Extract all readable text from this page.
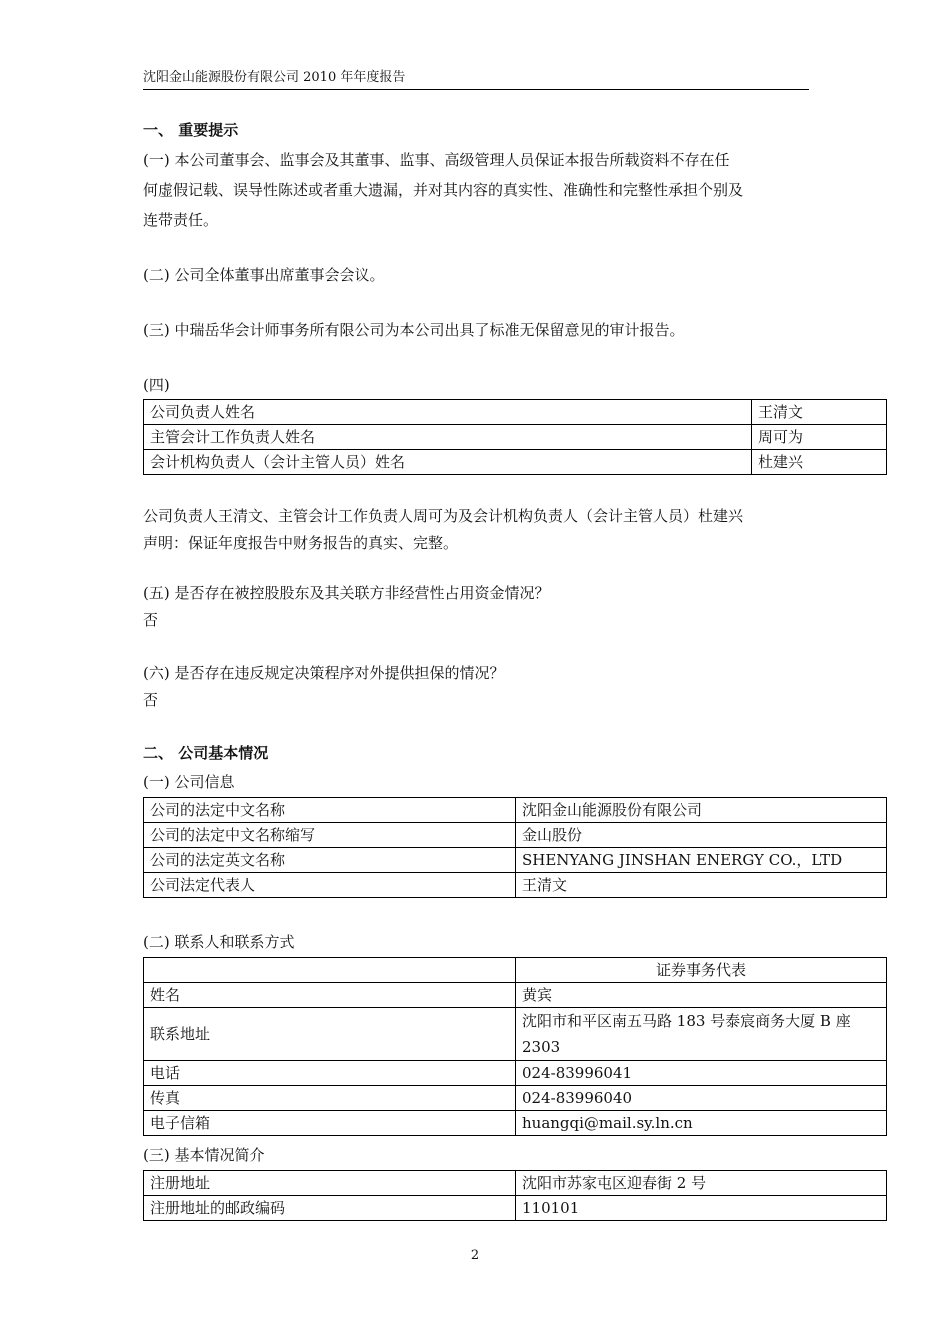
沈阳金山能源股份有限公司 2010 年年度报告
一、 重要提示
(一) 本公司董事会、监事会及其董事、监事、高级管理人员保证本报告所载资料不存在任
何虚假记载、误导性陈述或者重大遗漏，并对其内容的真实性、准确性和完整性承担个别及
连带责任。
(二) 公司全体董事出席董事会会议。
(三) 中瑞岳华会计师事务所有限公司为本公司出具了标准无保留意见的审计报告。
(四)
公司负责人姓名	王清文
主管会计工作负责人姓名	周可为
会计机构负责人（会计主管人员）姓名	杜建兴
公司负责人王清文、主管会计工作负责人周可为及会计机构负责人（会计主管人员）杜建兴
声明：保证年度报告中财务报告的真实、完整。
(五) 是否存在被控股股东及其关联方非经营性占用资金情况？
否
(六) 是否存在违反规定决策程序对外提供担保的情况？
否
二、 公司基本情况
(一) 公司信息
公司的法定中文名称	沈阳金山能源股份有限公司
公司的法定中文名称缩写	金山股份
公司的法定英文名称	SHENYANG JINSHAN ENERGY CO.，LTD
公司法定代表人	王清文
(二) 联系人和联系方式
	证券事务代表
姓名	黄宾
联系地址	沈阳市和平区南五马路 183 号泰宸商务大厦 B 座 2303
电话	024-83996041
传真	024-83996040
电子信箱	huangqi@mail.sy.ln.cn
(三) 基本情况简介
注册地址	沈阳市苏家屯区迎春街 2 号
注册地址的邮政编码	110101
2
